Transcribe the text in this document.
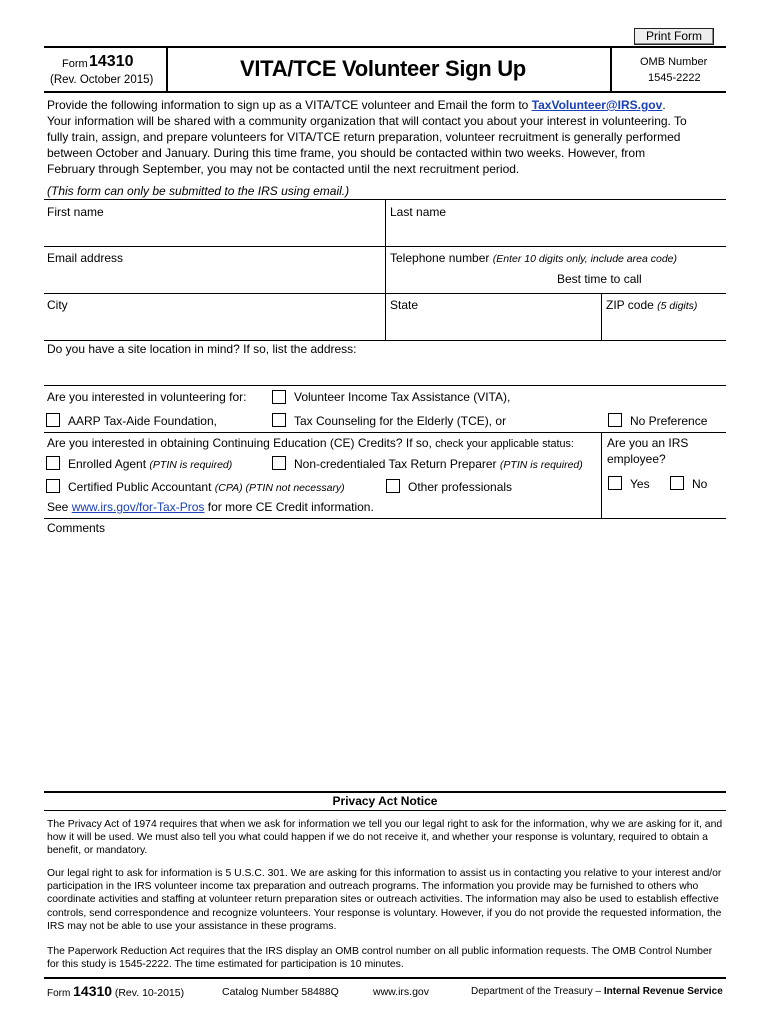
Print Form
Form 14310
(Rev. October 2015)	VITA/TCE Volunteer Sign Up	OMB Number
1545-2222
Provide the following information to sign up as a VITA/TCE volunteer and Email the form to TaxVolunteer@IRS.gov.
Your information will be shared with a community organization that will contact you about your interest in volunteering. To
fully train, assign, and prepare volunteers for VITA/TCE return preparation, volunteer recruitment is generally performed
between October and January. During this time frame, you should be contacted within two weeks. However, from
February through September, you may not be contacted until the next recruitment period.
(This form can only be submitted to the IRS using email.)
First name	Last name
Email address	Telephone number (Enter 10 digits only, include area code)
Best time to call
City	State	ZIP code (5 digits)
Do you have a site location in mind? If so, list the address:
Are you interested in volunteering for:	Volunteer Income Tax Assistance (VITA),
AARP Tax-Aide Foundation,	Tax Counseling for the Elderly (TCE), or	No Preference
Are you interested in obtaining Continuing Education (CE) Credits? If so, check your applicable status:
Enrolled Agent (PTIN is required)	Non-credentialed Tax Return Preparer (PTIN is required)
Certified Public Accountant (CPA) (PTIN not necessary)	Other professionals
See www.irs.gov/for-Tax-Pros for more CE Credit information.
Are you an IRS
employee?
Yes	No
Comments
Privacy Act Notice
The Privacy Act of 1974 requires that when we ask for information we tell you our legal right to ask for the information, why we are asking for it, and how it will be used. We must also tell you what could happen if we do not receive it, and whether your response is voluntary, required to obtain a benefit, or mandatory.
Our legal right to ask for information is 5 U.S.C. 301. We are asking for this information to assist us in contacting you relative to your interest and/or participation in the IRS volunteer income tax preparation and outreach programs. The information you provide may be furnished to others who coordinate activities and staffing at volunteer return preparation sites or outreach activities. The information may also be used to establish effective controls, send correspondence and recognize volunteers. Your response is voluntary. However, if you do not provide the requested information, the IRS may not be able to use your assistance in these programs.
The Paperwork Reduction Act requires that the IRS display an OMB control number on all public information requests. The OMB Control Number for this study is 1545-2222. The time estimated for participation is 10 minutes.
Form 14310 (Rev. 10-2015)	Catalog Number 58488Q	www.irs.gov	Department of the Treasury – Internal Revenue Service
